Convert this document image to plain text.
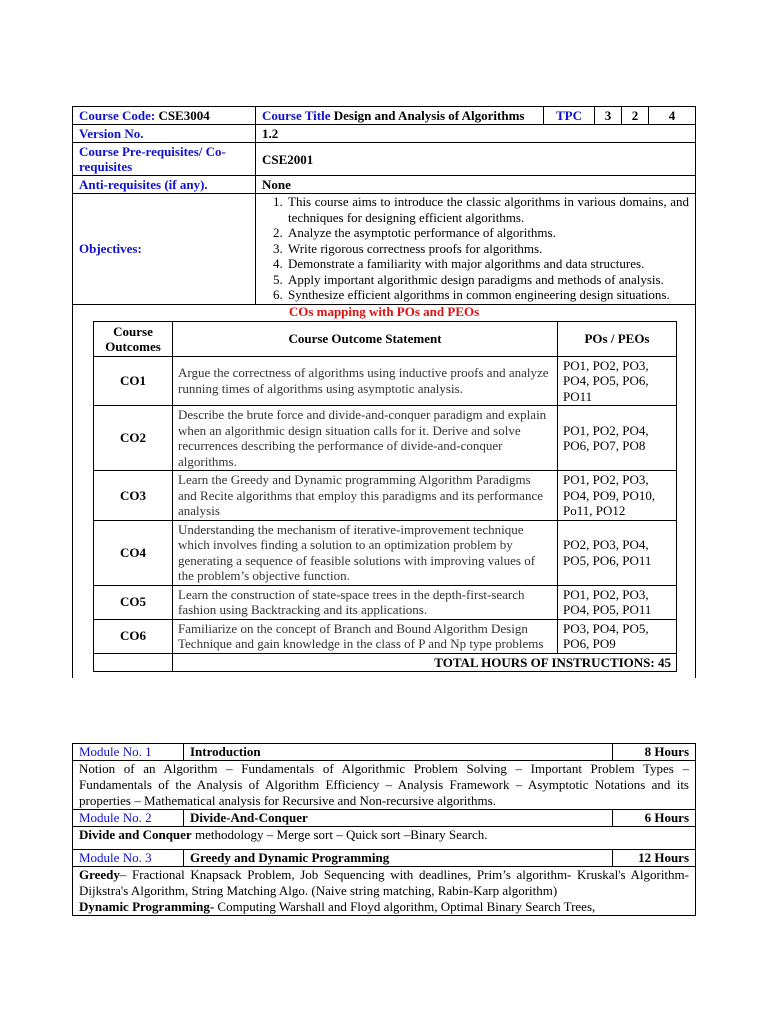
Course Code: CSE3004		Course Title Design and Analysis of Algorithms	TPC	3	2	4

Version No.	1.2
Course Pre-requisites/ Co-requisites	CSE2001
Anti-requisites (if any).	None
Objectives:	
1. This course aims to introduce the classic algorithms in various domains, and techniques for designing efficient algorithms.
2. Analyze the asymptotic performance of algorithms.
3. Write rigorous correctness proofs for algorithms.
4. Demonstrate a familiarity with major algorithms and data structures.
5. Apply important algorithmic design paradigms and methods of analysis.
6. Synthesize efficient algorithms in common engineering design situations.

COs mapping with POs and PEOs
Course Outcomes	Course Outcome Statement	POs / PEOs
CO1	Argue the correctness of algorithms using inductive proofs and analyze running times of algorithms using asymptotic analysis.	PO1, PO2, PO3, PO4, PO5, PO6, PO11
CO2	Describe the brute force and divide-and-conquer paradigm and explain when an algorithmic design situation calls for it. Derive and solve recurrences describing the performance of divide-and-conquer algorithms.	PO1, PO2, PO4, PO6, PO7, PO8
CO3	Learn the Greedy and Dynamic programming Algorithm Paradigms and Recite algorithms that employ this paradigms and its performance analysis	PO1, PO2, PO3, PO4, PO9, PO10, Po11, PO12
CO4	Understanding the mechanism of iterative-improvement technique which involves finding a solution to an optimization problem by generating a sequence of feasible solutions with improving values of the problem’s objective function.	PO2, PO3, PO4, PO5, PO6, PO11
CO5	Learn the construction of state-space trees in the depth-first-search fashion using Backtracking and its applications.	PO1, PO2, PO3, PO4, PO5, PO11
CO6	Familiarize on the concept of Branch and Bound Algorithm Design Technique and gain knowledge in the class of P and Np type problems	PO3, PO4, PO5, PO6, PO9
	TOTAL HOURS OF INSTRUCTIONS: 45
Module No. 1	Introduction	8 Hours
Notion of an Algorithm – Fundamentals of Algorithmic Problem Solving – Important Problem Types – Fundamentals of the Analysis of Algorithm Efficiency – Analysis Framework – Asymptotic Notations and its properties – Mathematical analysis for Recursive and Non-recursive algorithms.		
Module No. 2	Divide-And-Conquer	6 Hours
Divide and Conquer methodology – Merge sort – Quick sort –Binary Search.		
Module No. 3	Greedy and Dynamic Programming	12 Hours
Greedy– Fractional Knapsack Problem, Job Sequencing with deadlines, Prim’s algorithm- Kruskal's Algorithm-Dijkstra's Algorithm, String Matching Algo. (Naive string matching, Rabin-Karp algorithm)
Dynamic Programming- Computing Warshall and Floyd algorithm, Optimal Binary Search Trees,		
